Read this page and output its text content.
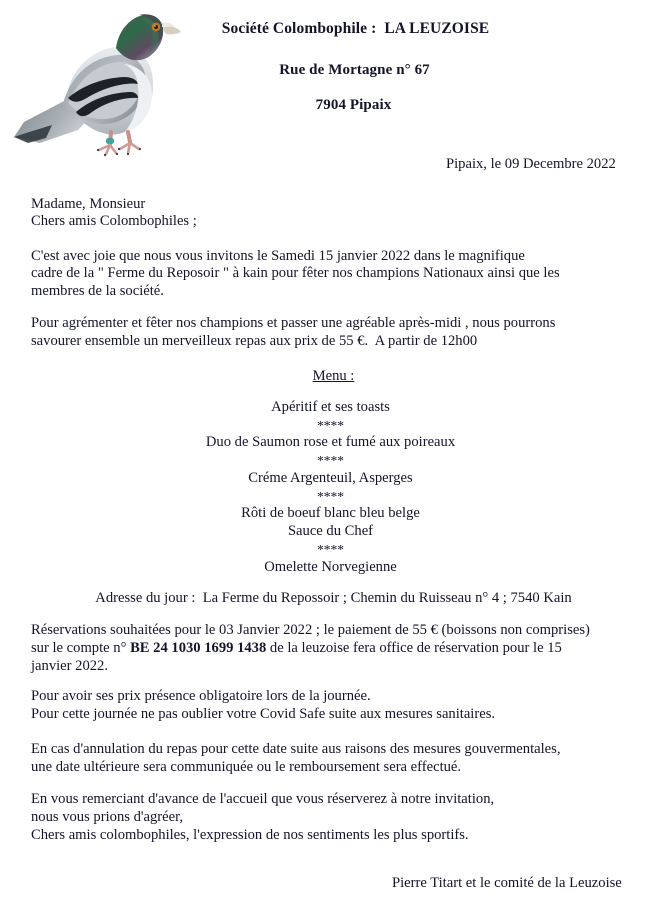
Société Colombophile :  LA LEUZOISE
Rue de Mortagne n° 67
7904 Pipaix
Pipaix, le 09 Decembre 2022
Madame, Monsieur
Chers amis Colombophiles ;
C'est avec joie que nous vous invitons le Samedi 15 janvier 2022 dans le magnifique
cadre de la " Ferme du Reposoir " à kain pour fêter nos champions Nationaux ainsi que les
membres de la société.
Pour agrémenter et fêter nos champions et passer une agréable après-midi , nous pourrons
savourer ensemble un merveilleux repas aux prix de 55 €.  A partir de 12h00
Menu :
Apéritif et ses toasts
****
Duo de Saumon rose et fumé aux poireaux
****
Créme Argenteuil, Asperges
****
Rôti de boeuf blanc bleu belge
Sauce du Chef
****
Omelette Norvegienne
Adresse du jour :  La Ferme du Repossoir ; Chemin du Ruisseau n° 4 ; 7540 Kain
Réservations souhaitées pour le 03 Janvier 2022 ; le paiement de 55 € (boissons non comprises)
sur le compte n° BE 24 1030 1699 1438 de la leuzoise fera office de réservation pour le 15
janvier 2022.
Pour avoir ses prix présence obligatoire lors de la journée.
Pour cette journée ne pas oublier votre Covid Safe suite aux mesures sanitaires.
En cas d'annulation du repas pour cette date suite aus raisons des mesures gouvermentales,
une date ultérieure sera communiquée ou le remboursement sera effectué.
En vous remerciant d'avance de l'accueil que vous réserverez à notre invitation,
nous vous prions d'agréer,
Chers amis colombophiles, l'expression de nos sentiments les plus sportifs.
Pierre Titart et le comité de la Leuzoise
